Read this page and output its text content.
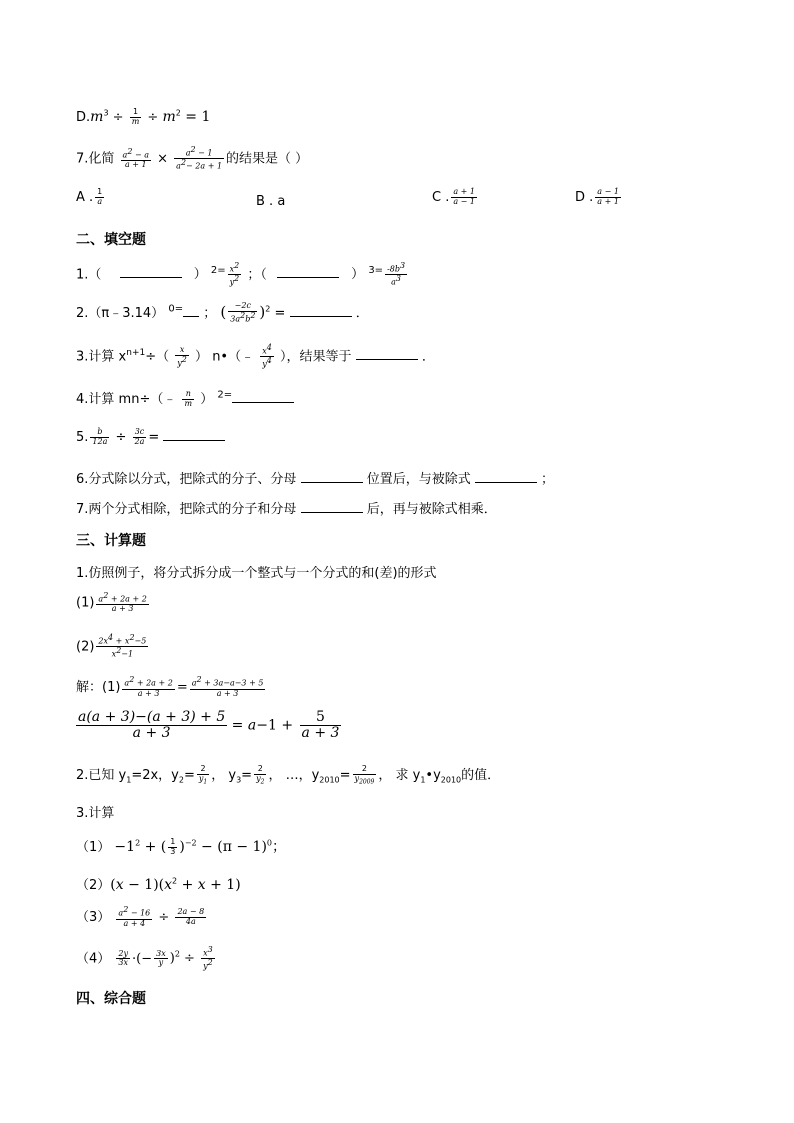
$D.m^3 \div \frac{1}{m} \div m^2 = 1$
7.化简 $\frac{a^2 - a}{a + 1} \times \frac{a^2 - 1}{a^2- 2a + 1}$ 的结果是（ ）
A . $\frac{1}{a}$	B . a	C . $\frac{a + 1}{a - 1}$	D . $\frac{a - 1}{a + 1}$
二、填空题
1.（	） $^{2=} \frac{x^2}{y^2}$ ；（	） $^{3=} \frac{-8b^3}{a^3}$
2.（π﹣3.14） $^{0=}$ ； ( $\frac{-2c}{3a^2b^2} )^2$ =	．
3.计算 $x^{n+1}\div( \frac{x}{y^2}$ ） n•（﹣ $\frac{x^4}{y^4}$ ），结果等于	．
4.计算 mn÷（﹣ $\frac{n}{m}$ ） $^{2=}$
5. $\frac{b}{12a} \div \frac{3c}{2a}$ =
6.分式除以分式，把除式的分子、分母	位置后，与被除式	；
7.两个分式相除，把除式的分子和分母	后，再与被除式相乘．
三、计算题
1.仿照例子，将分式拆分成一个整式与一个分式的和(差)的形式
$(1) \frac{a^2 + 2a + 2}{a + 3}$
$(2) \frac{2x^4 + x^2-5}{x^2-1}$
解：$(1) \frac{a^2 + 2a + 2}{a + 3} = \frac{a^2 + 3a-a-3 + 5}{a + 3}$
$\frac{a(a + 3)-(a + 3) + 5}{a + 3} = a-1 + \frac{5}{a + 3}$
2.已知 $y_1=2x$，$y_2= \frac{2}{y_1}$ ， $y_3= \frac{2}{y_2}$ ， …，$y_{2010}= \frac{2}{y_{2009}}$ ， 求 $y_1•y_{2010}$的值．
3.计算
$(1) -1^2$ + ( $\frac{1}{3} )^{-2} - (\pi - 1)^0$；
$(2)(x - 1)(x^2 + x + 1)$
$(3) \frac{a^2 - 16}{a + 4} \div \frac{2a - 8}{4a}$
$(4) \frac{2y}{3x}$ ·(− $\frac{3x}{y} )^2 \div \frac{x^3}{y^2}$
四、综合题
